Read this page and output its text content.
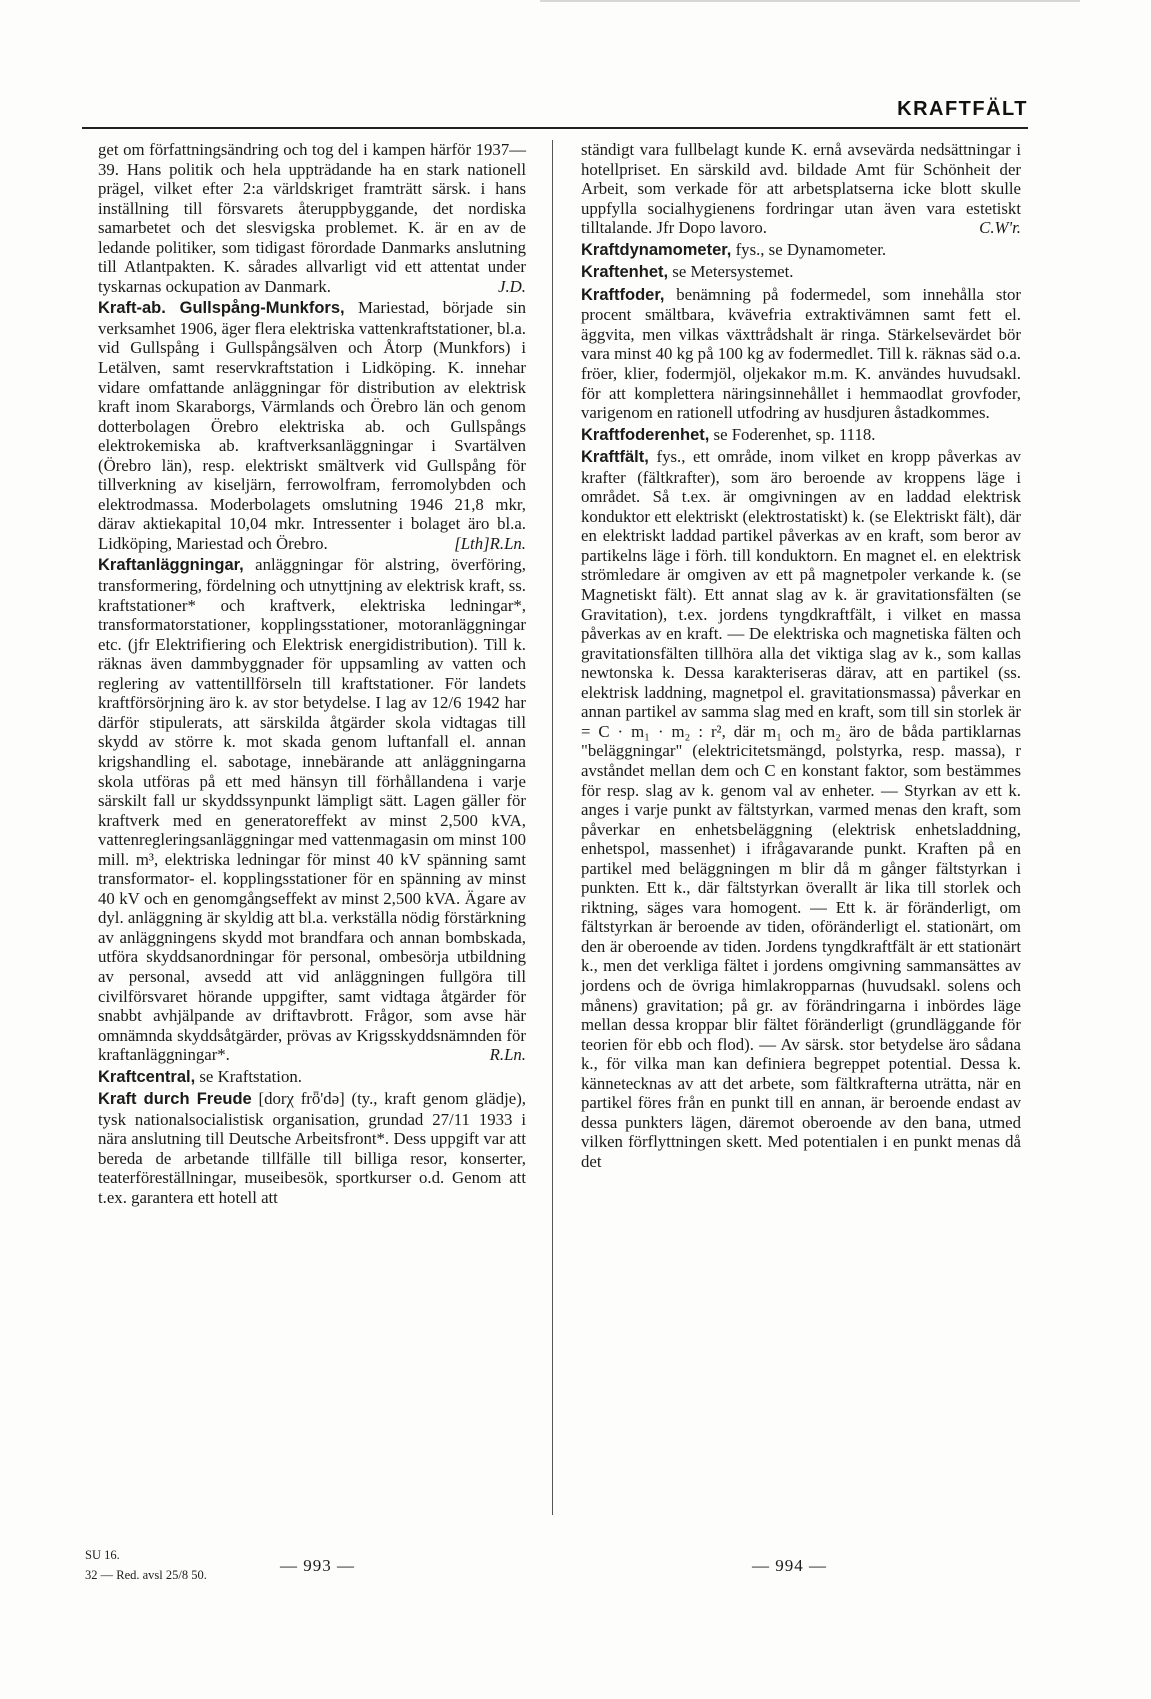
KRAFTFÄLT

get om författningsändring och tog del i kampen härför 1937—39. Hans politik och hela uppträdande ha en stark nationell prägel, vilket efter 2:a världskriget framträtt särsk. i hans inställning till försvarets återuppbyggande, det nordiska samarbetet och det slesvigska problemet. K. är en av de ledande politiker, som tidigast förordade Danmarks anslutning till Atlantpakten. K. sårades allvarligt vid ett attentat under tyskarnas ockupation av Danmark.	J.D.

Kraft-ab. Gullspång-Munkfors, Mariestad, började sin verksamhet 1906, äger flera elektriska vattenkraftstationer, bl.a. vid Gullspång i Gullspångsälven och Åtorp (Munkfors) i Letälven, samt reservkraftstation i Lidköping. K. innehar vidare omfattande anläggningar för distribution av elektrisk kraft inom Skaraborgs, Värmlands och Örebro län och genom dotterbolagen Örebro elektriska ab. och Gullspångs elektrokemiska ab. kraftverksanläggningar i Svartälven (Örebro län), resp. elektriskt smältverk vid Gullspång för tillverkning av kiseljärn, ferrowolfram, ferromolybden och elektrodmassa. Moderbolagets omslutning 1946 21,8 mkr, därav aktiekapital 10,04 mkr. Intressenter i bolaget äro bl.a. Lidköping, Mariestad och Örebro.	[Lth]R.Ln.

Kraftanläggningar, anläggningar för alstring, överföring, transformering, fördelning och utnyttjning av elektrisk kraft, ss. kraftstationer* och kraftverk, elektriska ledningar*, transformatorstationer, kopplingsstationer, motoranläggningar etc. (jfr Elektrifiering och Elektrisk energidistribution). Till k. räknas även dammbyggnader för uppsamling av vatten och reglering av vattentillförseln till kraftstationer. För landets kraftförsörjning äro k. av stor betydelse. I lag av 12/6 1942 har därför stipulerats, att särskilda åtgärder skola vidtagas till skydd av större k. mot skada genom luftanfall el. annan krigshandling el. sabotage, innebärande att anläggningarna skola utföras på ett med hänsyn till förhållandena i varje särskilt fall ur skyddssynpunkt lämpligt sätt. Lagen gäller för kraftverk med en generatoreffekt av minst 2,500 kVA, vattenregleringsanläggningar med vattenmagasin om minst 100 mill. m³, elektriska ledningar för minst 40 kV spänning samt transformator- el. kopplingsstationer för en spänning av minst 40 kV och en genomgångseffekt av minst 2,500 kVA. Ägare av dyl. anläggning är skyldig att bl.a. verkställa nödig förstärkning av anläggningens skydd mot brandfara och annan bombskada, utföra skyddsanordningar för personal, ombesörja utbildning av personal, avsedd att vid anläggningen fullgöra till civilförsvaret hörande uppgifter, samt vidtaga åtgärder för snabbt avhjälpande av driftavbrott. Frågor, som avse här omnämnda skyddsåtgärder, prövas av Krigsskyddsnämnden för kraftanläggningar*.	R.Ln.

Kraftcentral, se Kraftstation.

Kraft durch Freude [dorχ frȫ'də] (ty., kraft genom glädje), tysk nationalsocialistisk organisation, grundad 27/11 1933 i nära anslutning till Deutsche Arbeitsfront*. Dess uppgift var att bereda de arbetande tillfälle till billiga resor, konserter, teaterföreställningar, museibesök, sportkurser o.d. Genom att t.ex. garantera ett hotell att

ständigt vara fullbelagt kunde K. ernå avsevärda nedsättningar i hotellpriset. En särskild avd. bildade Amt für Schönheit der Arbeit, som verkade för att arbetsplatserna icke blott skulle uppfylla socialhygienens fordringar utan även vara estetiskt tilltalande. Jfr Dopo lavoro.	C.W'r.

Kraftdynamometer, fys., se Dynamometer.

Kraftenhet, se Metersystemet.

Kraftfoder, benämning på fodermedel, som innehålla stor procent smältbara, kvävefria extraktivämnen samt fett el. äggvita, men vilkas växttrådshalt är ringa. Stärkelsevärdet bör vara minst 40 kg på 100 kg av fodermedlet. Till k. räknas säd o.a. fröer, klier, fodermjöl, oljekakor m.m. K. användes huvudsakl. för att komplettera näringsinnehållet i hemmaodlat grovfoder, varigenom en rationell utfodring av husdjuren åstadkommes.

Kraftfoderenhet, se Foderenhet, sp. 1118.

Kraftfält, fys., ett område, inom vilket en kropp påverkas av krafter (fältkrafter), som äro beroende av kroppens läge i området. Så t.ex. är omgivningen av en laddad elektrisk konduktor ett elektriskt (elektrostatiskt) k. (se Elektriskt fält), där en elektriskt laddad partikel påverkas av en kraft, som beror av partikelns läge i förh. till konduktorn. En magnet el. en elektrisk strömledare är omgiven av ett på magnetpoler verkande k. (se Magnetiskt fält). Ett annat slag av k. är gravitationsfälten (se Gravitation), t.ex. jordens tyngdkraftfält, i vilket en massa påverkas av en kraft. — De elektriska och magnetiska fälten och gravitationsfälten tillhöra alla det viktiga slag av k., som kallas newtonska k. Dessa karakteriseras därav, att en partikel (ss. elektrisk laddning, magnetpol el. gravitationsmassa) påverkar en annan partikel av samma slag med en kraft, som till sin storlek är = C · m₁ · m₂ : r², där m₁ och m₂ äro de båda partiklarnas "beläggningar" (elektricitetsmängd, polstyrka, resp. massa), r avståndet mellan dem och C en konstant faktor, som bestämmes för resp. slag av k. genom val av enheter. — Styrkan av ett k. anges i varje punkt av fältstyrkan, varmed menas den kraft, som påverkar en enhetsbeläggning (elektrisk enhetsladdning, enhetspol, massenhet) i ifrågavarande punkt. Kraften på en partikel med beläggningen m blir då m gånger fältstyrkan i punkten. Ett k., där fältstyrkan överallt är lika till storlek och riktning, säges vara homogent. — Ett k. är föränderligt, om fältstyrkan är beroende av tiden, oföränderligt el. stationärt, om den är oberoende av tiden. Jordens tyngdkraftfält är ett stationärt k., men det verkliga fältet i jordens omgivning sammansättes av jordens och de övriga himlakropparnas (huvudsakl. solens och månens) gravitation; på gr. av förändringarna i inbördes läge mellan dessa kroppar blir fältet föränderligt (grundläggande för teorien för ebb och flod). — Av särsk. stor betydelse äro sådana k., för vilka man kan definiera begreppet potential. Dessa k. kännetecknas av att det arbete, som fältkrafterna uträtta, när en partikel föres från en punkt till en annan, är beroende endast av dessa punkters lägen, däremot oberoende av den bana, utmed vilken förflyttningen skett. Med potentialen i en punkt menas då det

— 993 —	— 994 —
SU 16.
32 — Red. avsl 25/8 50.
